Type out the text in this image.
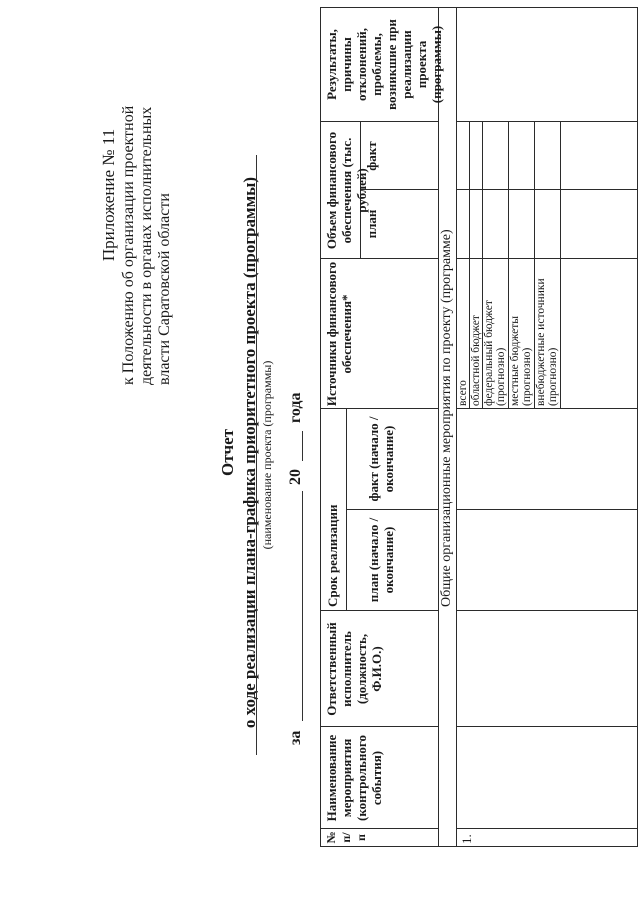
Приложение № 11 к Положению об организации проектной деятельности в органах исполнительных власти Саратовской области
Отчет о ходе реализации плана-графика приоритетного проекта (программы) (наименование проекта (программы)
за
20
года
№ п/п
Наименование мероприятия (контрольного события)
Ответственный исполнитель (должность, Ф.И.О.)
Срок реализации план (начало / окончание)
факт (начало / окончание)
Источники финансового обеспечения*
Объем финансового обеспечения (тыс. рублей)
план
факт
Результаты, причины отклонений, проблемы, возникшие при реализации проекта (программы)
Общие организационные мероприятия по проекту (программе)
1.
всего областной бюджет федеральный бюджет (прогнозно) местные бюджеты (прогнозно) внебюджетные источники (прогнозно)
